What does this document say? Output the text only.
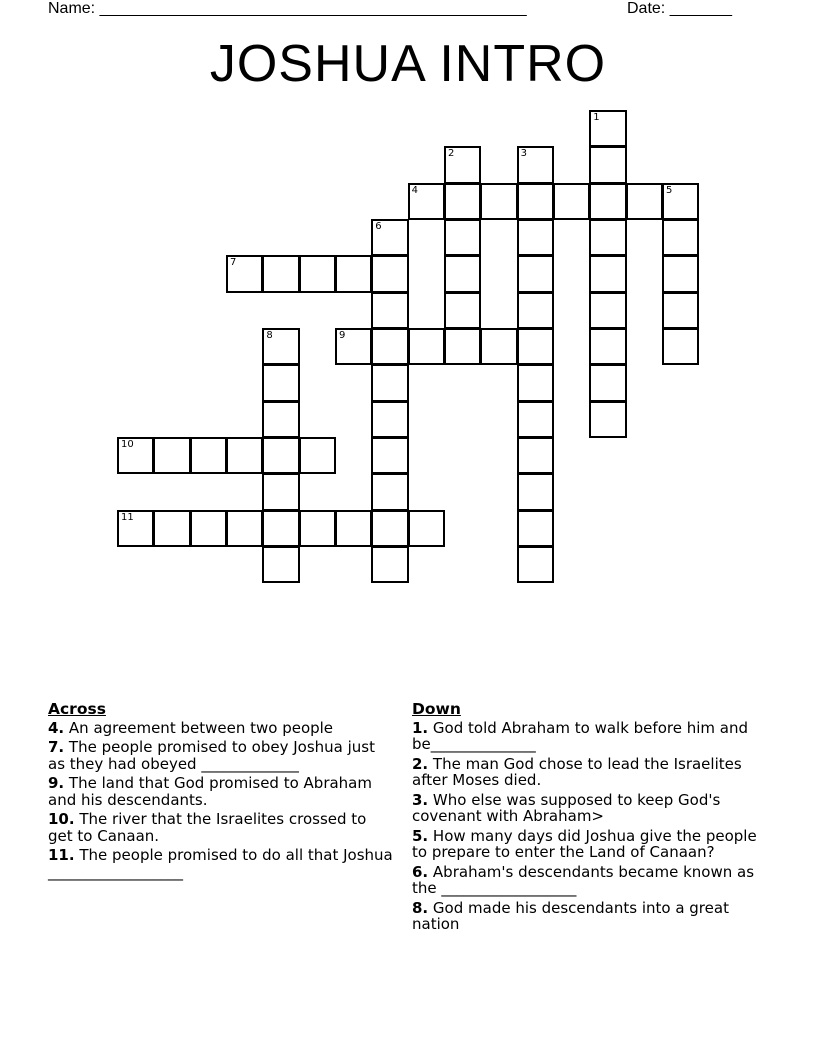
Name: ________________________________________________	Date: _______
JOSHUA INTRO
1
2	3
4	5
6
7
8	9
10
11
Across
4. An agreement between two people
7. The people promised to obey Joshua just as they had obeyed _____________
9. The land that God promised to Abraham and his descendants.
10. The river that the Israelites crossed to get to Canaan.
11. The people promised to do all that Joshua __________________
Down
1. God told Abraham to walk before him and be______________
2. The man God chose to lead the Israelites after Moses died.
3. Who else was supposed to keep God's covenant with Abraham>
5. How many days did Joshua give the people to prepare to enter the Land of Canaan?
6. Abraham's descendants became known as the __________________
8. God made his descendants into a great nation
